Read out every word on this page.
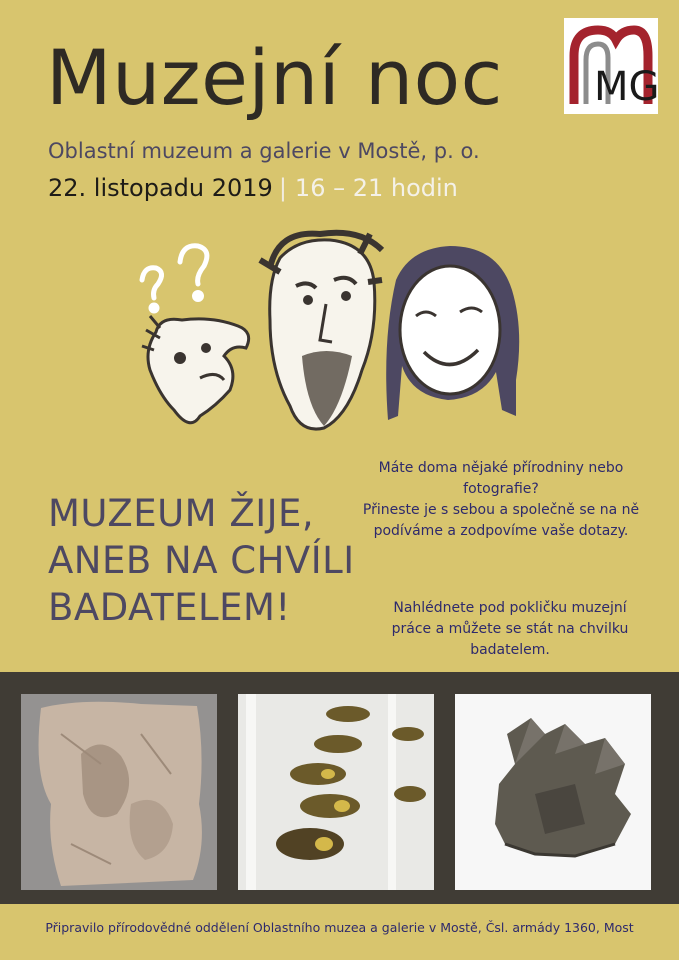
Muzejní noc
Oblastní muzeum a galerie v Mostě, p. o.
22. listopadu 2019 | 16 – 21 hodin
MG
MUZEUM ŽIJE,
ANEB NA CHVÍLI
BADATELEM!
Máte doma nějaké přírodniny nebo fotografie?
Přineste je s sebou a společně se na ně
podíváme a zodpovíme vaše dotazy.
Nahlédnete pod pokličku muzejní
práce a můžete se stát na chvilku badatelem.
Připravilo přírodovědné oddělení Oblastního muzea a galerie v Mostě, Čsl. armády 1360, Most
